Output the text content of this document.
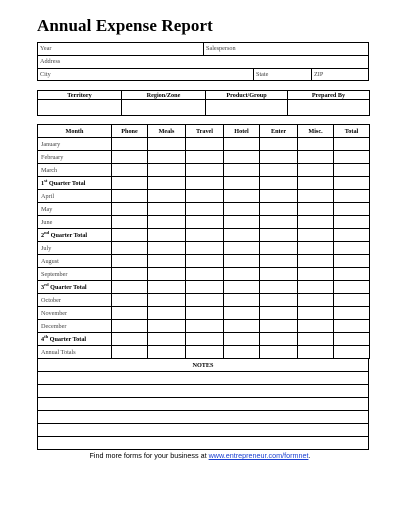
Annual Expense Report
Year	Salesperson
Address
City	State	ZIP
Territory	Region/Zone	Product/Group	Prepared By

Month	Phone	Meals	Travel	Hotel	Enter	Misc.	Total
January							
February							
March							
1st Quarter Total							
April							
May							
June							
2nd Quarter Total							
July							
August							
September							
3rd Quarter Total							
October							
November							
December							
4th Quarter Total							
Annual Totals							
NOTES

Find more forms for your business at www.entrepreneur.com/formnet.
